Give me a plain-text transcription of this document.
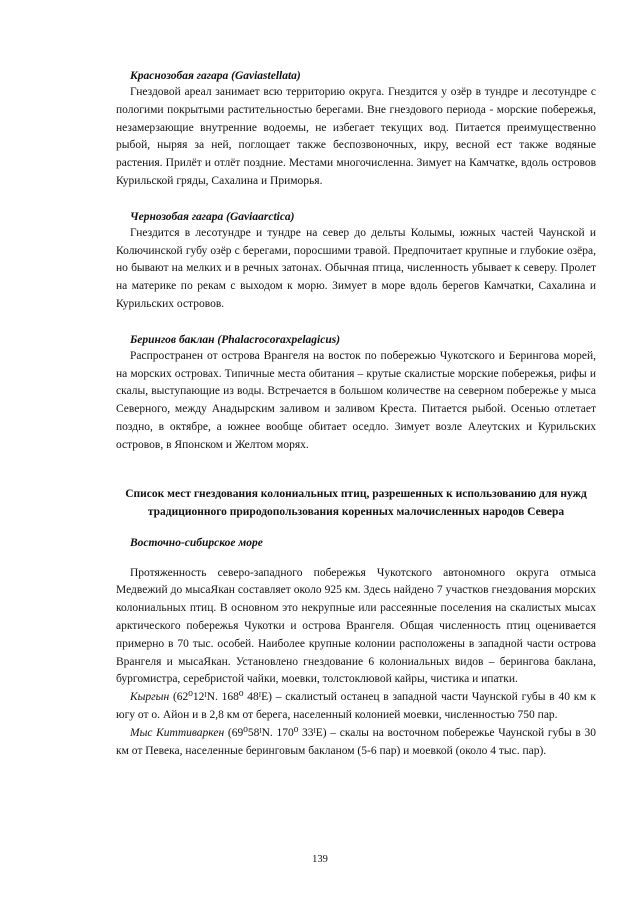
Краснозобая гагара (Gaviastellata)

Гнездовой ареал занимает всю территорию округа. Гнездится у озёр в тундре и лесотундре с пологими покрытыми растительностью берегами. Вне гнездового периода - морские побережья, незамерзающие внутренние водоемы, не избегает текущих вод. Питается преимущественно рыбой, ныряя за ней, поглощает также беспозвоночных, икру, весной ест также водяные растения. Прилёт и отлёт поздние. Местами многочисленна. Зимует на Камчатке, вдоль островов Курильской гряды, Сахалина и Приморья.

Чернозобая гагара (Gaviaarctica)

Гнездится в лесотундре и тундре на север до дельты Колымы, южных частей Чаунской и Колючинской губу озёр с берегами, поросшими травой. Предпочитает крупные и глубокие озёра, но бывают на мелких и в речных затонах. Обычная птица, численность убывает к северу. Пролет на материке по рекам с выходом к морю. Зимует в море вдоль берегов Камчатки, Сахалина и Курильских островов.

Берингов баклан (Phalacrocoraxpelagicus)

Распространен от острова Врангеля на восток по побережью Чукотского и Берингова морей, на морских островах. Типичные места обитания – крутые скалистые морские побережья, рифы и скалы, выступающие из воды. Встречается в большом количестве на северном побережье у мыса Северного, между Анадырским заливом и заливом Креста. Питается рыбой. Осенью отлетает поздно, в октябре, а южнее вообще обитает оседло. Зимует возле Алеутских и Курильских островов, в Японском и Желтом морях.

Список мест гнездования колониальных птиц, разрешенных к использованию для нужд традиционного природопользования коренных малочисленных народов Севера

Восточно-сибирское море

Протяженность северо-западного побережья Чукотского автономного округа отмыса Медвежий до мысаЯкан составляет около 925 км. Здесь найдено 7 участков гнездования морских колониальных птиц. В основном это некрупные или рассеянные поселения на скалистых мысах арктического побережья Чукотки и острова Врангеля. Общая численность птиц оценивается примерно в 70 тыс. особей. Наиболее крупные колонии расположены в западной части острова Врангеля и мысаЯкан. Установлено гнездование 6 колониальных видов – берингова баклана, бургомистра, серебристой чайки, моевки, толстоклювой кайры, чистика и ипатки.

Кыргын (62⁰12ᴵN. 168⁰ 48ᴵE) – скалистый останец в западной части Чаунской губы в 40 км к югу от о. Айон и в 2,8 км от берега, населенный колонией моевки, численностью 750 пар.

Мыс Киттиваркен (69⁰58ᴵN. 170⁰ 33ᴵE) – скалы на восточном побережье Чаунской губы в 30 км от Певека, населенные беринговым бакланом (5-6 пар) и моевкой (около 4 тыс. пар).

139
